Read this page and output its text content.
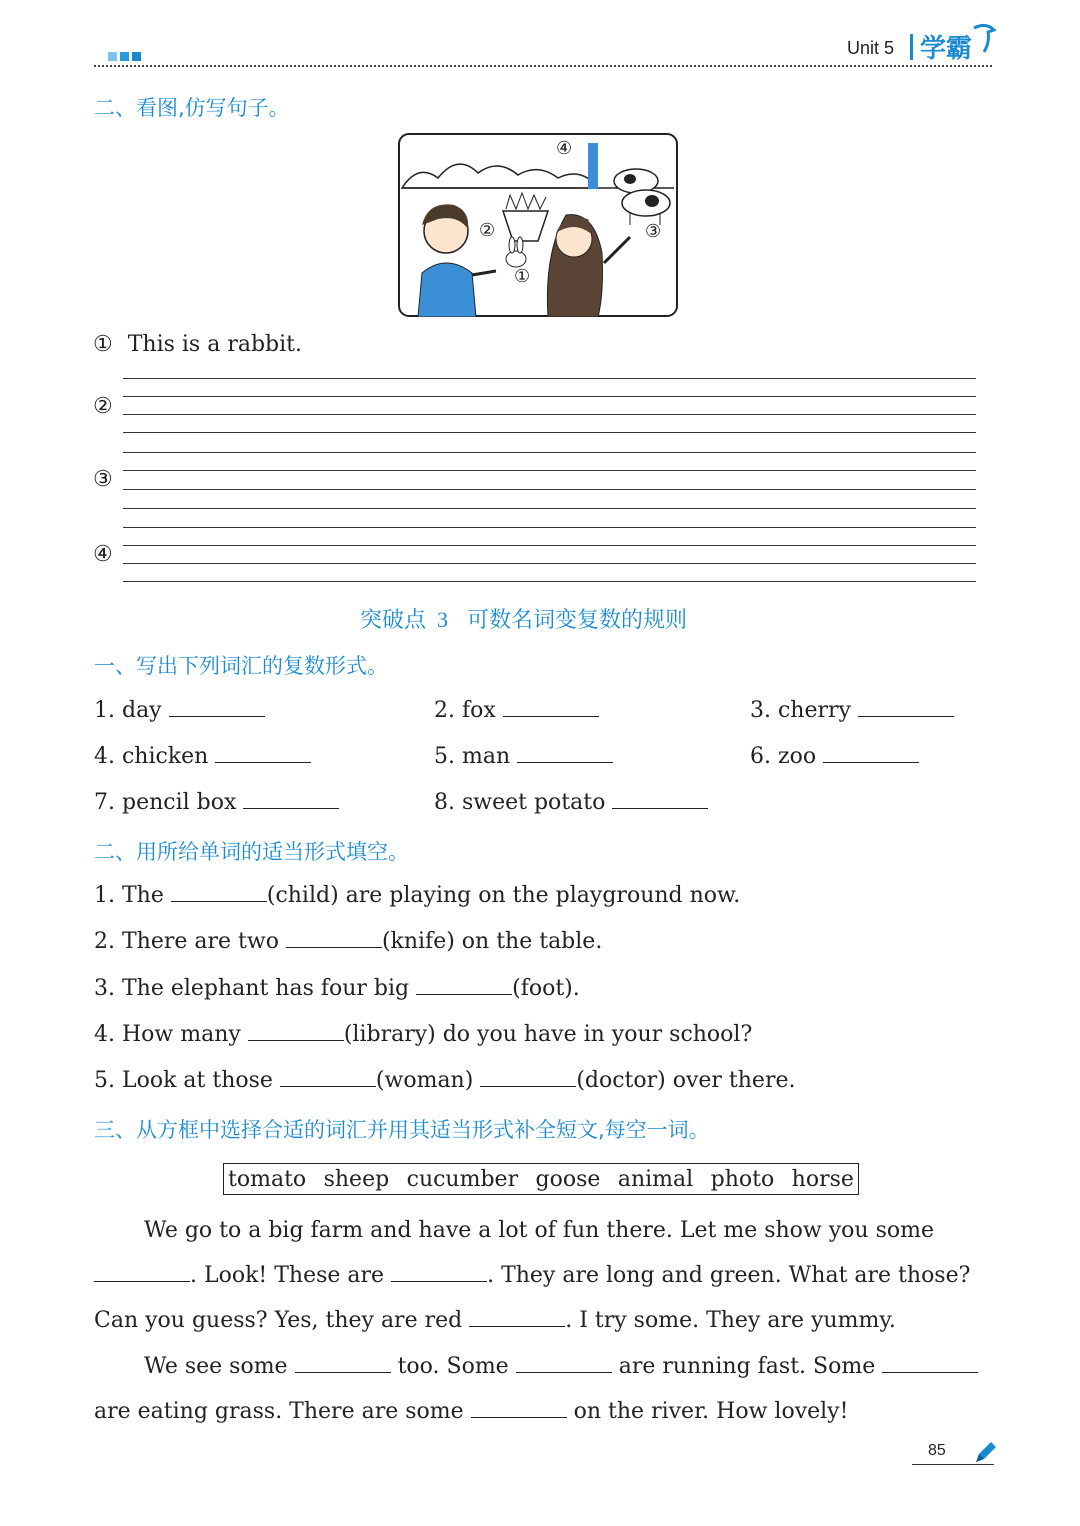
Unit 5 学霸
二、看图,仿写句子。
④
②	③
①
① This is a rabbit.
②
③
④
突破点 3 可数名词变复数的规则
一、写出下列词汇的复数形式。
1. day	2. fox	3. cherry
4. chicken	5. man	6. zoo
7. pencil box	8. sweet potato
二、用所给单词的适当形式填空。
1. The	(child) are playing on the playground now.
2. There are two	(knife) on the table.
3. The elephant has four big	(foot).
4. How many	(library) do you have in your school?
5. Look at those	(woman)	(doctor) over there.
三、从方框中选择合适的词汇并用其适当形式补全短文,每空一词。
tomato sheep cucumber goose animal photo horse
We go to a big farm and have a lot of fun there. Let me show you some
. Look! These are	. They are long and green. What are those?
Can you guess? Yes, they are red	. I try some. They are yummy.
We see some	too. Some	are running fast. Some
are eating grass. There are some	on the river. How lovely!
85
